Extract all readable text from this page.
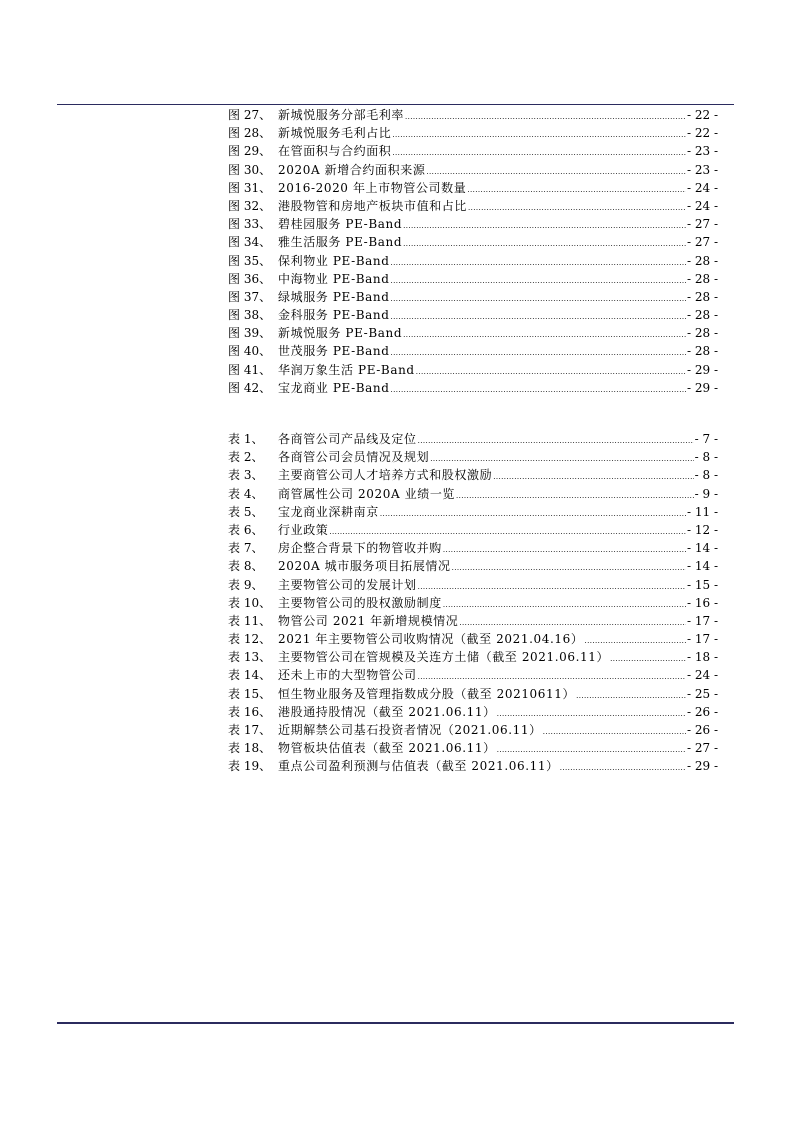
图 27、 新城悦服务分部毛利率 .....	- 22 -
图 28、 新城悦服务毛利占比 .....	- 22 -
图 29、 在管面积与合约面积 .....	- 23 -
图 30、 2020A 新增合约面积来源 .....	- 23 -
图 31、 2016-2020 年上市物管公司数量 .....	- 24 -
图 32、 港股物管和房地产板块市值和占比 .....	- 24 -
图 33、 碧桂园服务 PE-Band .....	- 27 -
图 34、 雅生活服务 PE-Band .....	- 27 -
图 35、 保利物业 PE-Band .....	- 28 -
图 36、 中海物业 PE-Band .....	- 28 -
图 37、 绿城服务 PE-Band .....	- 28 -
图 38、 金科服务 PE-Band .....	- 28 -
图 39、 新城悦服务 PE-Band .....	- 28 -
图 40、 世茂服务 PE-Band .....	- 28 -
图 41、 华润万象生活 PE-Band .....	- 29 -
图 42、 宝龙商业 PE-Band .....	- 29 -
表 1、	各商管公司产品线及定位 .....	- 7 -
表 2、	各商管公司会员情况及规划 .....	- 8 -
表 3、	主要商管公司人才培养方式和股权激励 .....	- 8 -
表 4、	商管属性公司 2020A 业绩一览 .....	- 9 -
表 5、	宝龙商业深耕南京 .....	- 11 -
表 6、	行业政策 .....	- 12 -
表 7、	房企整合背景下的物管收并购 .....	- 14 -
表 8、	2020A 城市服务项目拓展情况 .....	- 14 -
表 9、	主要物管公司的发展计划 .....	- 15 -
表 10、 主要物管公司的股权激励制度 .....	- 16 -
表 11、 物管公司 2021 年新增规模情况 .....	- 17 -
表 12、 2021 年主要物管公司收购情况（截至 2021.04.16） .....	- 17 -
表 13、 主要物管公司在管规模及关连方土储（截至 2021.06.11） .....	- 18 -
表 14、 还未上市的大型物管公司 .....	- 24 -
表 15、 恒生物业服务及管理指数成分股（截至 20210611） .....	- 25 -
表 16、 港股通持股情况（截至 2021.06.11） .....	- 26 -
表 17、 近期解禁公司基石投资者情况（2021.06.11） .....	- 26 -
表 18、 物管板块估值表（截至 2021.06.11） .....	- 27 -
表 19、 重点公司盈利预测与估值表（截至 2021.06.11） .....	- 29 -
